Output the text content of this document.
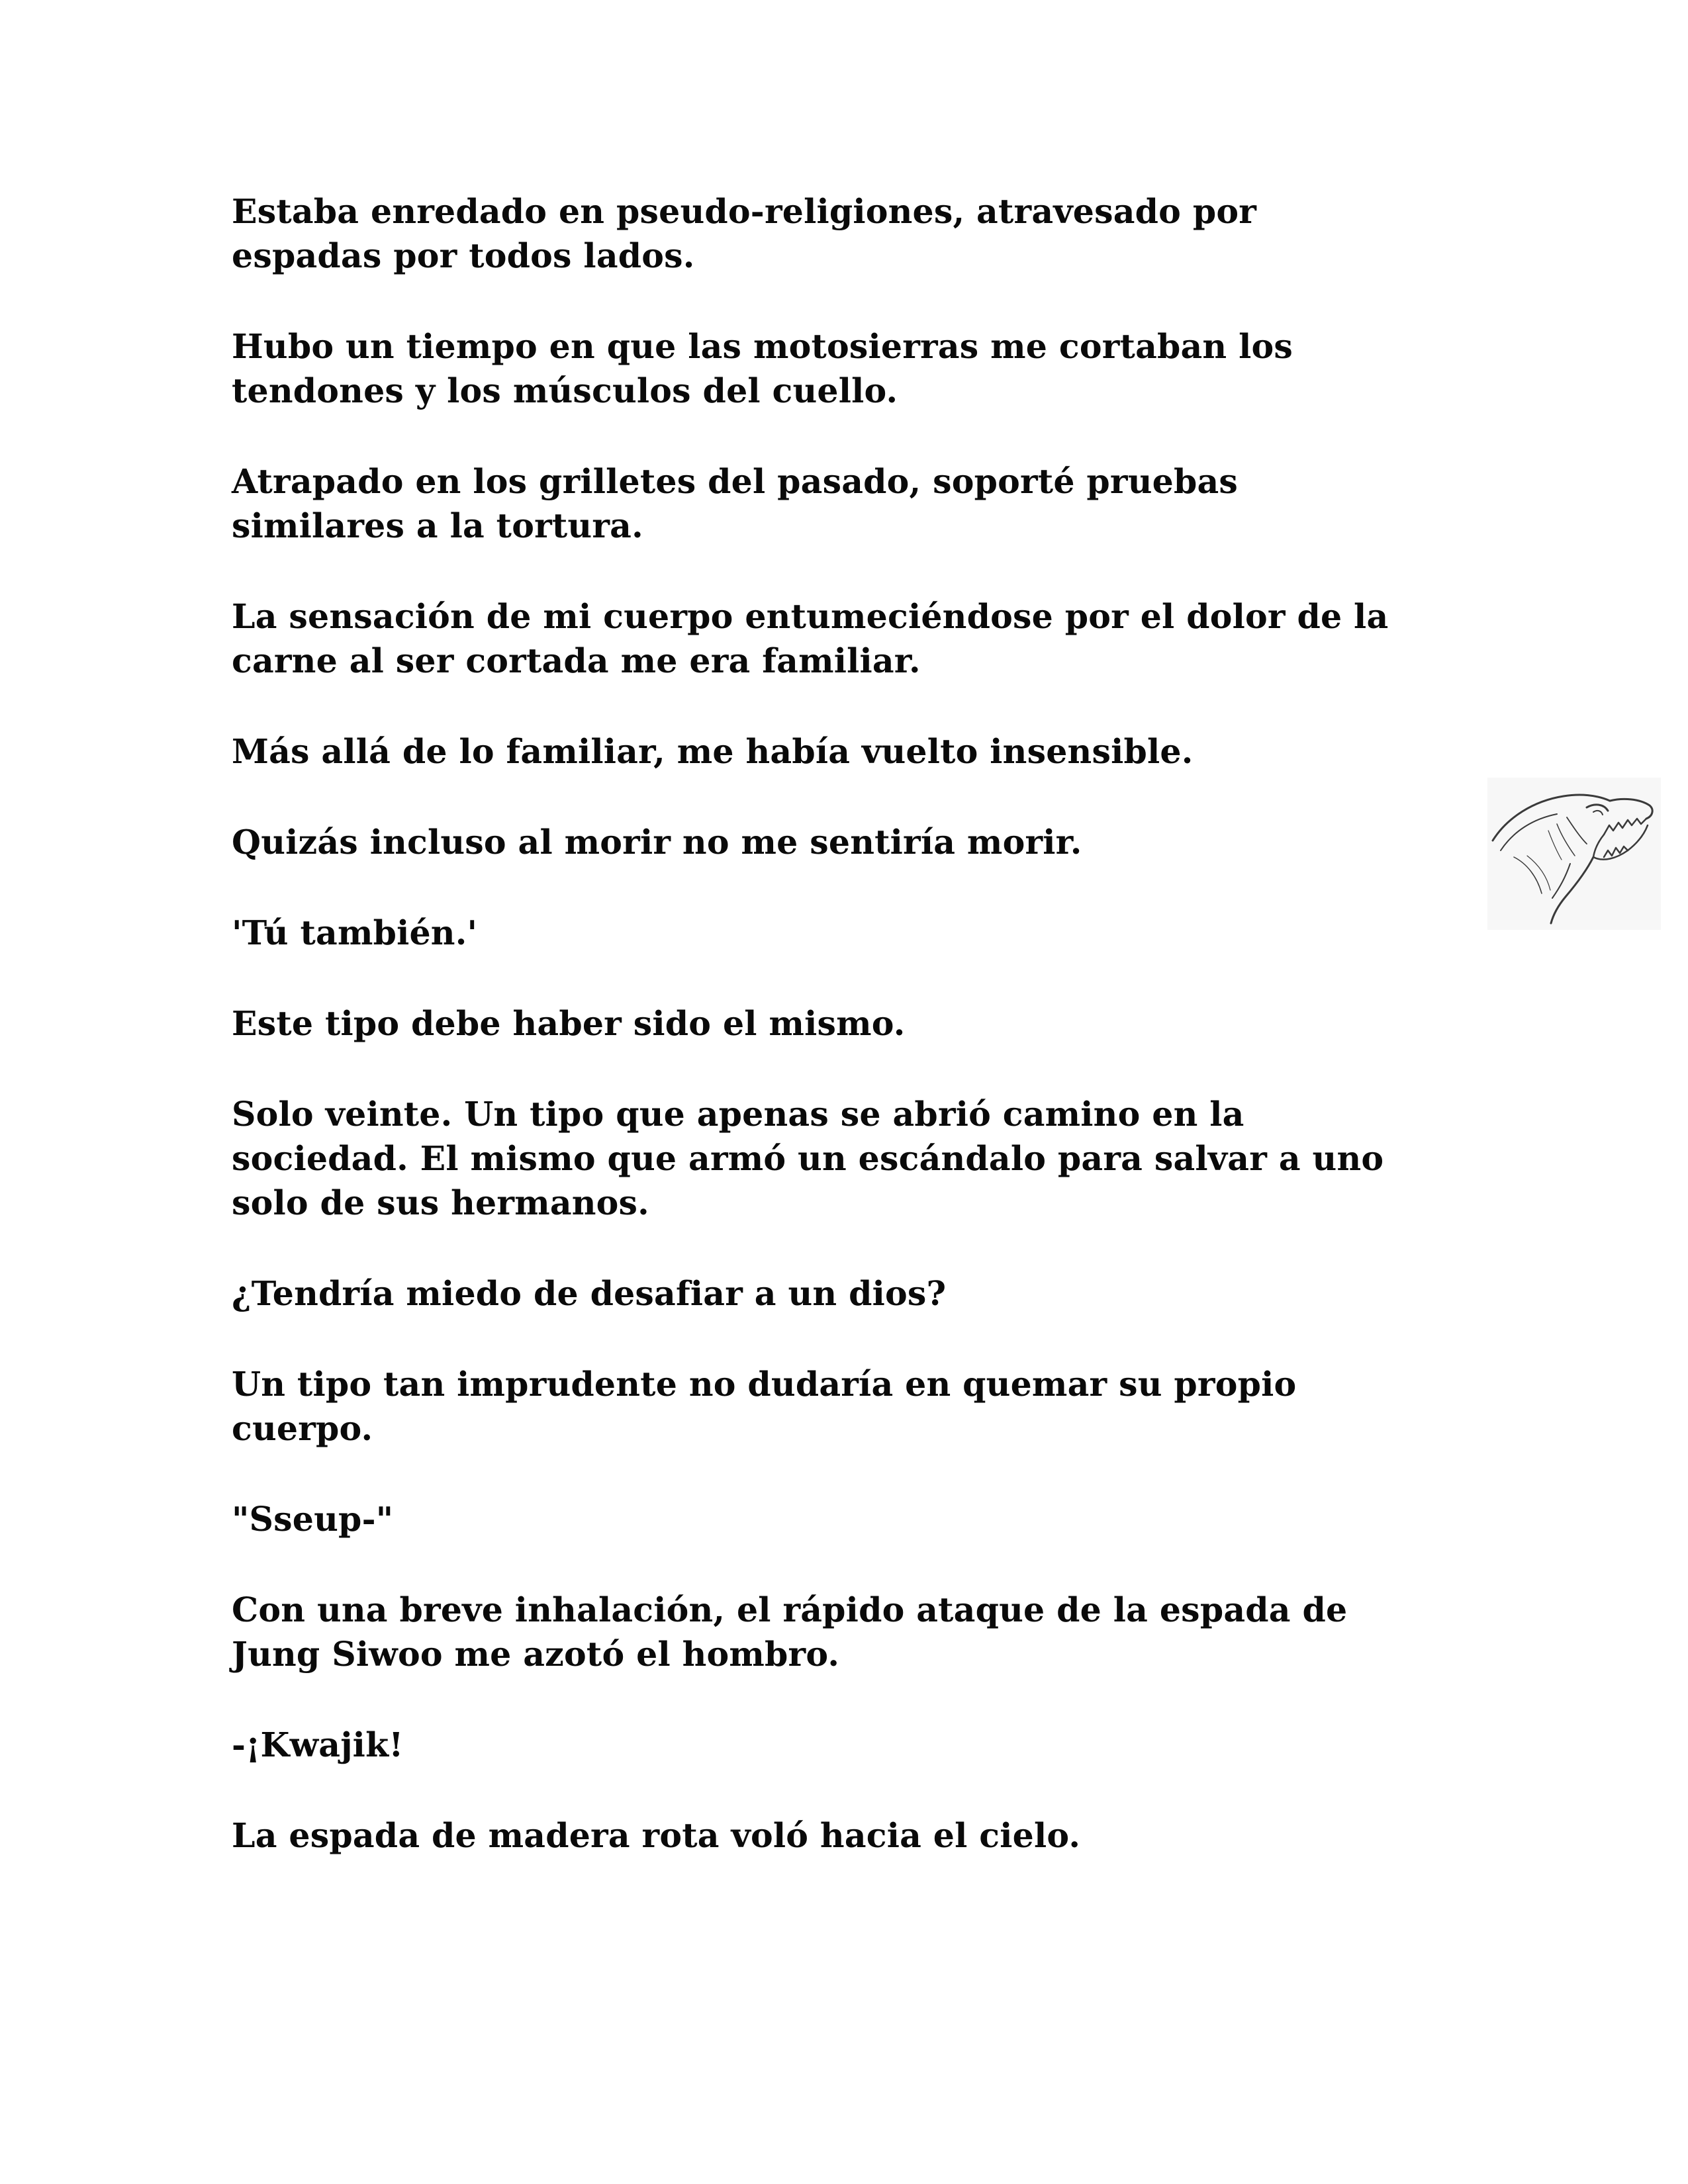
Estaba enredado en pseudo-religiones, atravesado por
espadas por todos lados.

Hubo un tiempo en que las motosierras me cortaban los
tendones y los músculos del cuello.

Atrapado en los grilletes del pasado, soporté pruebas
similares a la tortura.

La sensación de mi cuerpo entumeciéndose por el dolor de la
carne al ser cortada me era familiar.

Más allá de lo familiar, me había vuelto insensible.

Quizás incluso al morir no me sentiría morir.

'Tú también.'

Este tipo debe haber sido el mismo.

Solo veinte. Un tipo que apenas se abrió camino en la
sociedad. El mismo que armó un escándalo para salvar a uno
solo de sus hermanos.

¿Tendría miedo de desafiar a un dios?

Un tipo tan imprudente no dudaría en quemar su propio
cuerpo.

"Sseup-"

Con una breve inhalación, el rápido ataque de la espada de
Jung Siwoo me azotó el hombro.

-¡Kwajik!

La espada de madera rota voló hacia el cielo.
